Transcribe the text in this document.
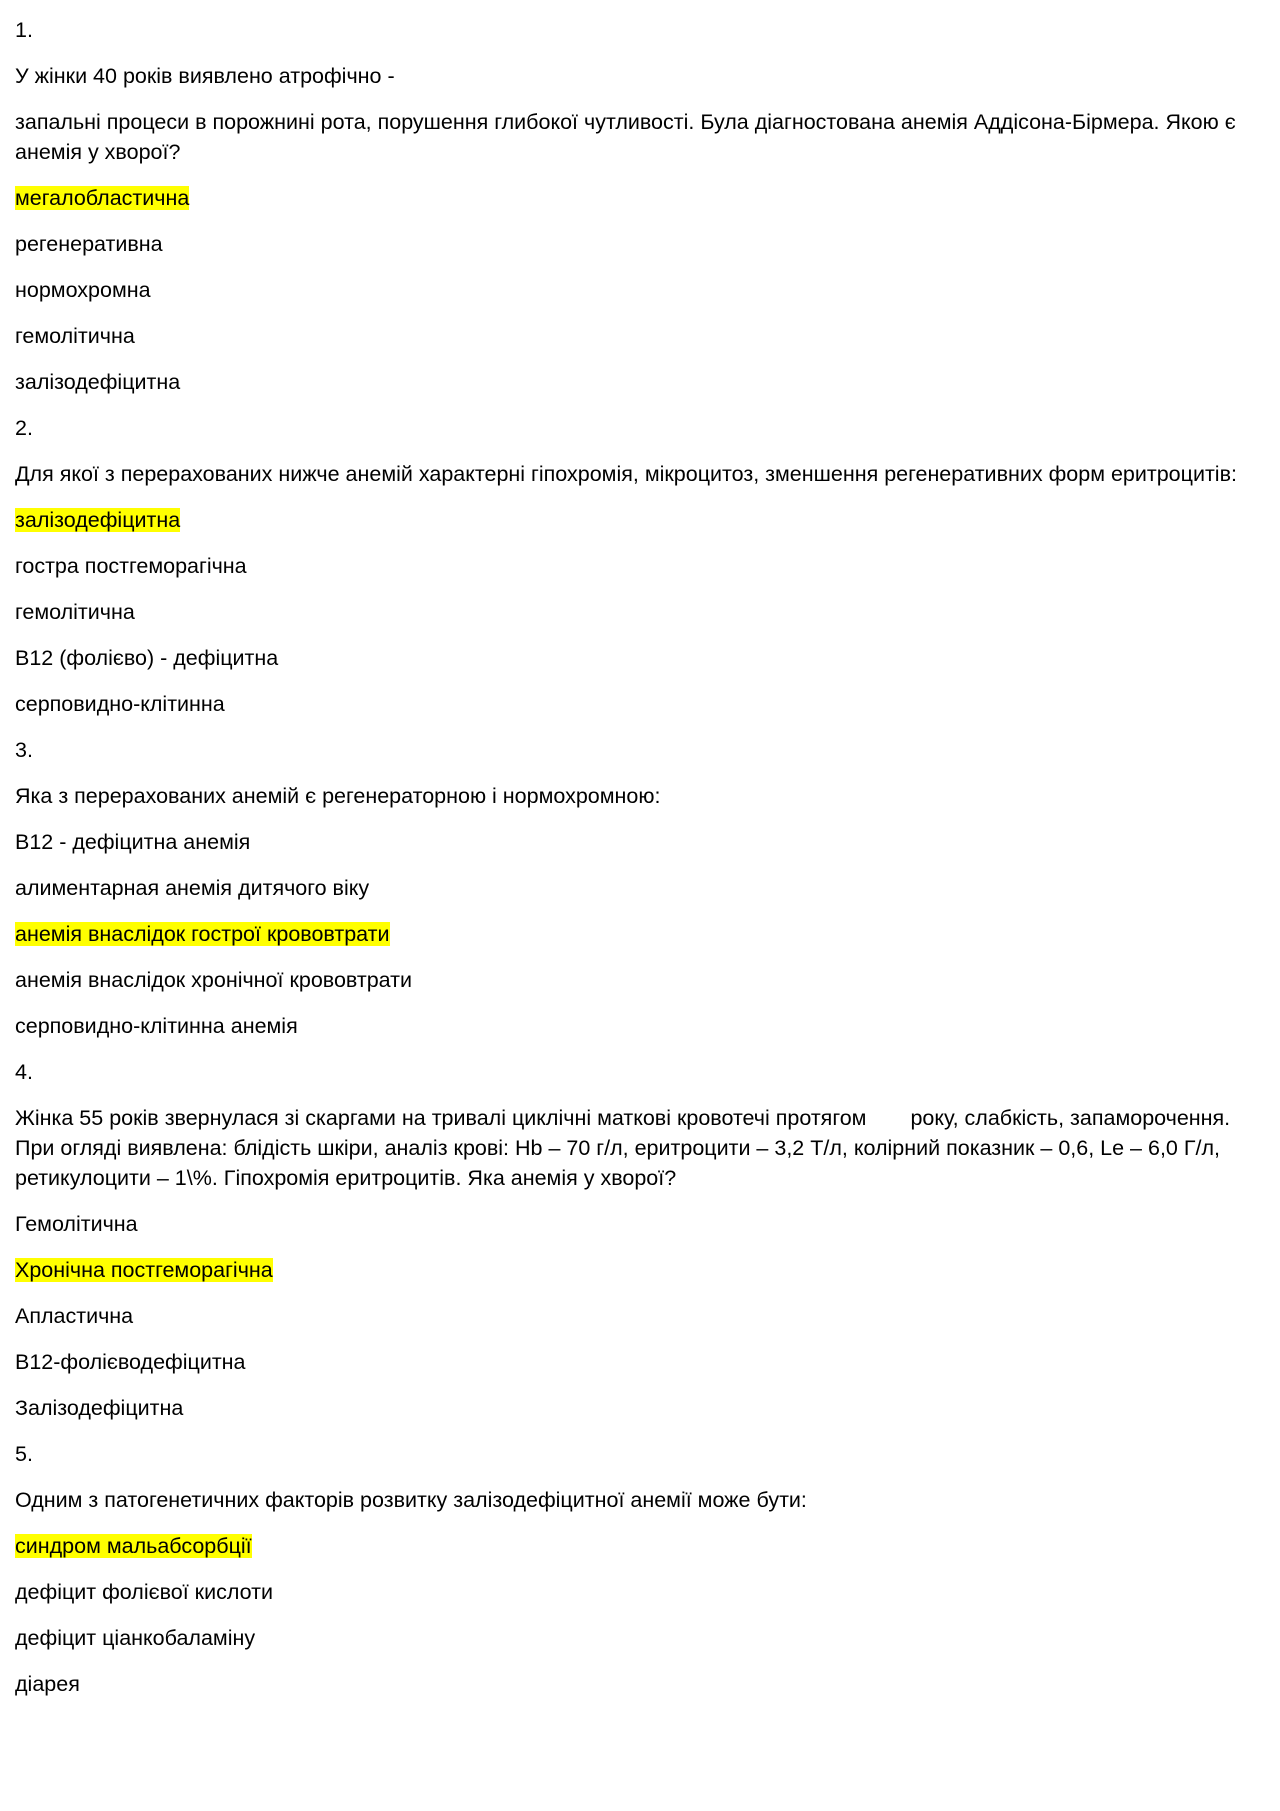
1.

У жінки 40 років виявлено атрофічно -

запальні процеси в порожнині рота, порушення глибокої чутливості. Була діагностована анемія Аддісона-Бірмера. Якою є анемія у хворої?

мегалобластична

регенеративна

нормохромна

гемолітична

залізодефіцитна

2.

Для якої з перерахованих нижче анемій характерні гіпохромія, мікроцитоз, зменшення регенеративних форм еритроцитів:

залізодефіцитна

гостра постгеморагічна

гемолітична

В12 (фолієво) - дефіцитна

серповидно-клітинна

3.

Яка з перерахованих анемій є регенераторною і нормохромною:

В12 - дефіцитна анемія

алиментарная анемія дитячого віку

анемія внаслідок гострої крововтрати

анемія внаслідок хронічної крововтрати

серповидно-клітинна анемія

4.

Жінка 55 років звернулася зі скаргами на тривалі циклічні маткові кровотечі протягом року, слабкість, запаморочення. При огляді виявлена: блідість шкіри, аналіз крові: Hb – 70 г/л, еритроцити – 3,2 Т/л, колірний показник – 0,6, Le – 6,0 Г/л, ретикулоцити – 1\%. Гіпохромія еритроцитів. Яка анемія у хворої?

Гемолітична

Хронічна постгеморагічна

Апластична

В12-фолієводефіцитна

Залізодефіцитна

5.

Одним з патогенетичних факторів розвитку залізодефіцитної анемії може бути:

синдром мальабсорбції

дефіцит фолієвої кислоти

дефіцит ціанкобаламіну

діарея
